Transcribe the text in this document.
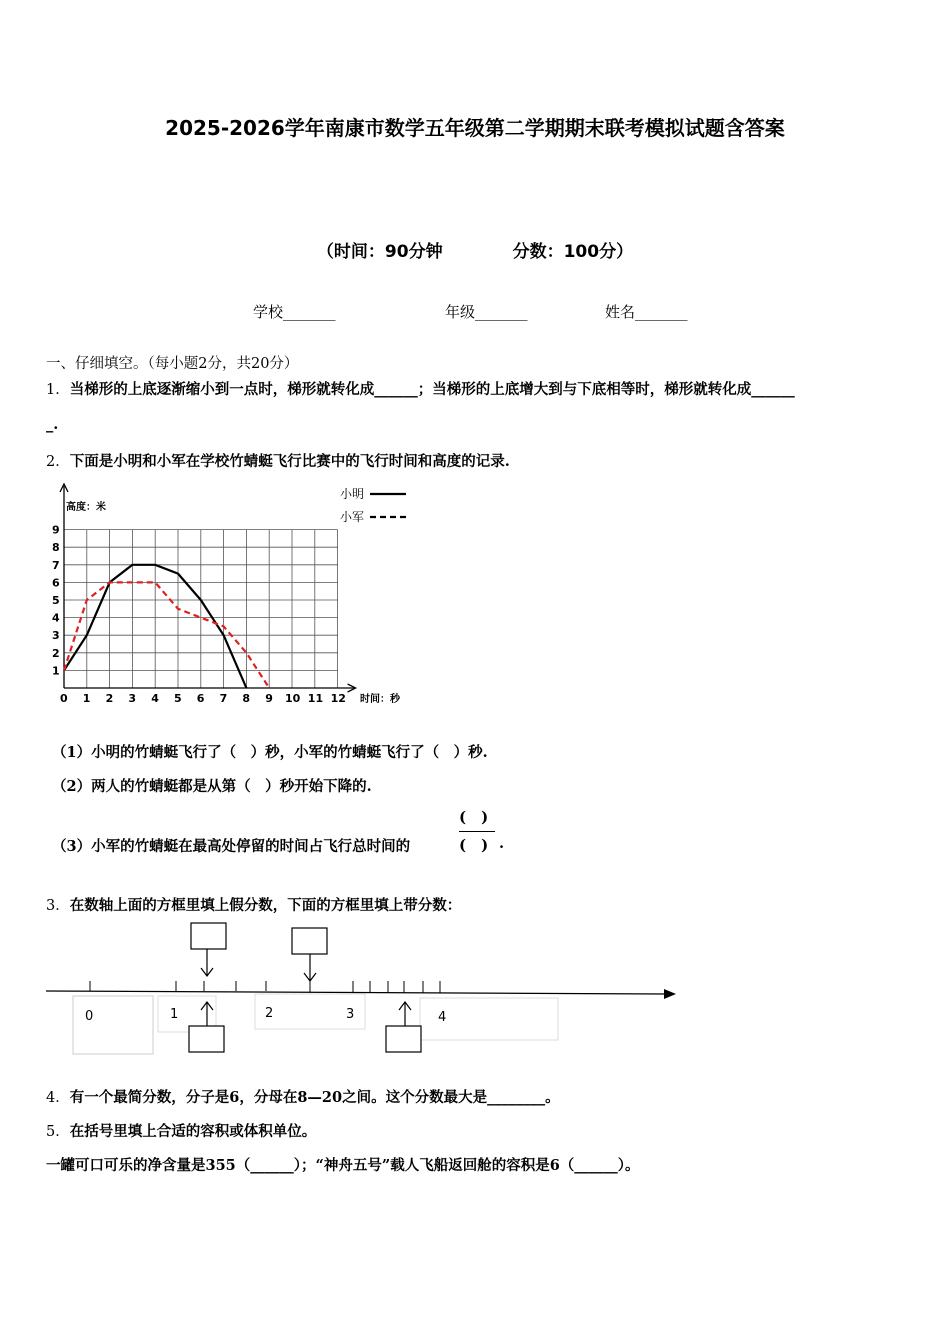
2025-2026学年南康市数学五年级第二学期期末联考模拟试题含答案
（时间：90分钟	分数：100分）
学校_______	年级_______	姓名_______
一、仔细填空。（每小题2分，共20分）
1．当梯形的上底逐渐缩小到一点时，梯形就转化成______；当梯形的上底增大到与下底相等时，梯形就转化成______
_.
2．下面是小明和小军在学校竹蜻蜓飞行比赛中的飞行时间和高度的记录.
0 1 2 3 4 5 6 7 8 9 10 11 12
1
2
3
4
5
6
7
8
9
小明
小军
高度：米
时间：秒
（1）小明的竹蜻蜓飞行了（　）秒，小军的竹蜻蜓飞行了（　）秒.
（2）两人的竹蜻蜓都是从第（　）秒开始下降的.
（3）小军的竹蜻蜓在最高处停留的时间占飞行总时间的
(　)
(　) .
3．在数轴上面的方框里填上假分数，下面的方框里填上带分数：
0	1	2	3	4
4．有一个最简分数，分子是6，分母在8—20之间。这个分数最大是________。
5．在括号里填上合适的容积或体积单位。
一罐可口可乐的净含量是355（______）；“神舟五号”载人飞船返回舱的容积是6（______）。
